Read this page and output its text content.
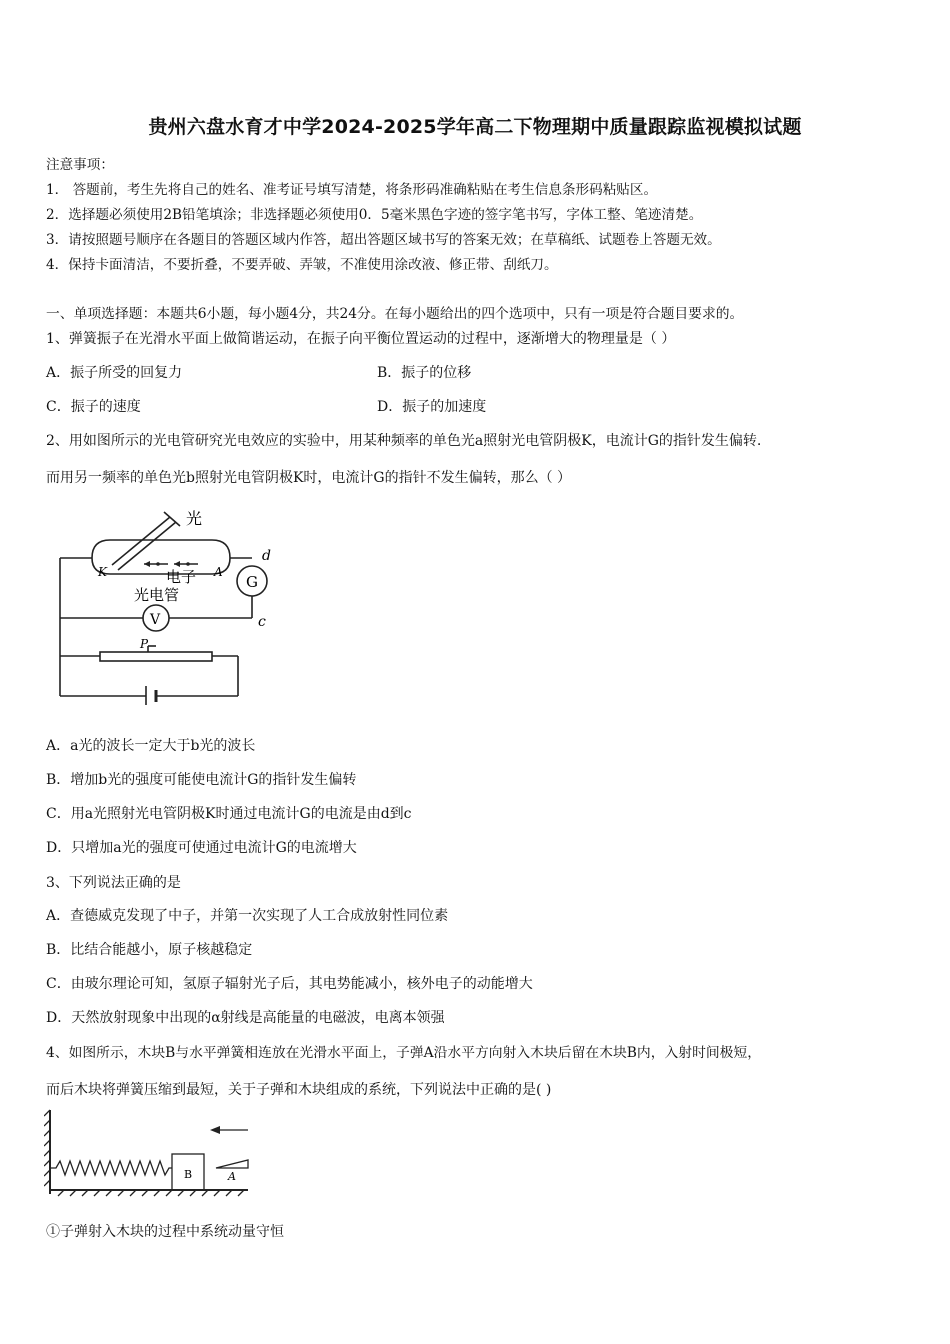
贵州六盘水育才中学2024-2025学年高二下物理期中质量跟踪监视模拟试题
注意事项：
1． 答题前，考生先将自己的姓名、准考证号填写清楚，将条形码准确粘贴在考生信息条形码粘贴区。
2．选择题必须使用2B铅笔填涂；非选择题必须使用0．5毫米黑色字迹的签字笔书写，字体工整、笔迹清楚。
3．请按照题号顺序在各题目的答题区域内作答，超出答题区域书写的答案无效；在草稿纸、试题卷上答题无效。
4．保持卡面清洁，不要折叠，不要弄破、弄皱，不准使用涂改液、修正带、刮纸刀。
一、单项选择题：本题共6小题，每小题4分，共24分。在每小题给出的四个选项中，只有一项是符合题目要求的。
1、弹簧振子在光滑水平面上做简谐运动，在振子向平衡位置运动的过程中，逐渐增大的物理量是（ ）
A．振子所受的回复力	B．振子的位移
C．振子的速度	D．振子的加速度
2、用如图所示的光电管研究光电效应的实验中，用某种频率的单色光a照射光电管阴极K，电流计G的指针发生偏转.
而用另一频率的单色光b照射光电管阴极K时，电流计G的指针不发生偏转，那么（ ）
光
电子
光电管
K	A
G
V
d
c
P
A．a光的波长一定大于b光的波长
B．增加b光的强度可能使电流计G的指针发生偏转
C．用a光照射光电管阴极K时通过电流计G的电流是由d到c
D．只增加a光的强度可使通过电流计G的电流增大
3、下列说法正确的是
A．查德威克发现了中子，并第一次实现了人工合成放射性同位素
B．比结合能越小，原子核越稳定
C．由玻尔理论可知，氢原子辐射光子后，其电势能减小，核外电子的动能增大
D．天然放射现象中出现的α射线是高能量的电磁波，电离本领强
4、如图所示，木块B与水平弹簧相连放在光滑水平面上，子弹A沿水平方向射入木块后留在木块B内，入射时间极短，
而后木块将弹簧压缩到最短，关于子弹和木块组成的系统，下列说法中正确的是( )
B	A
①子弹射入木块的过程中系统动量守恒
